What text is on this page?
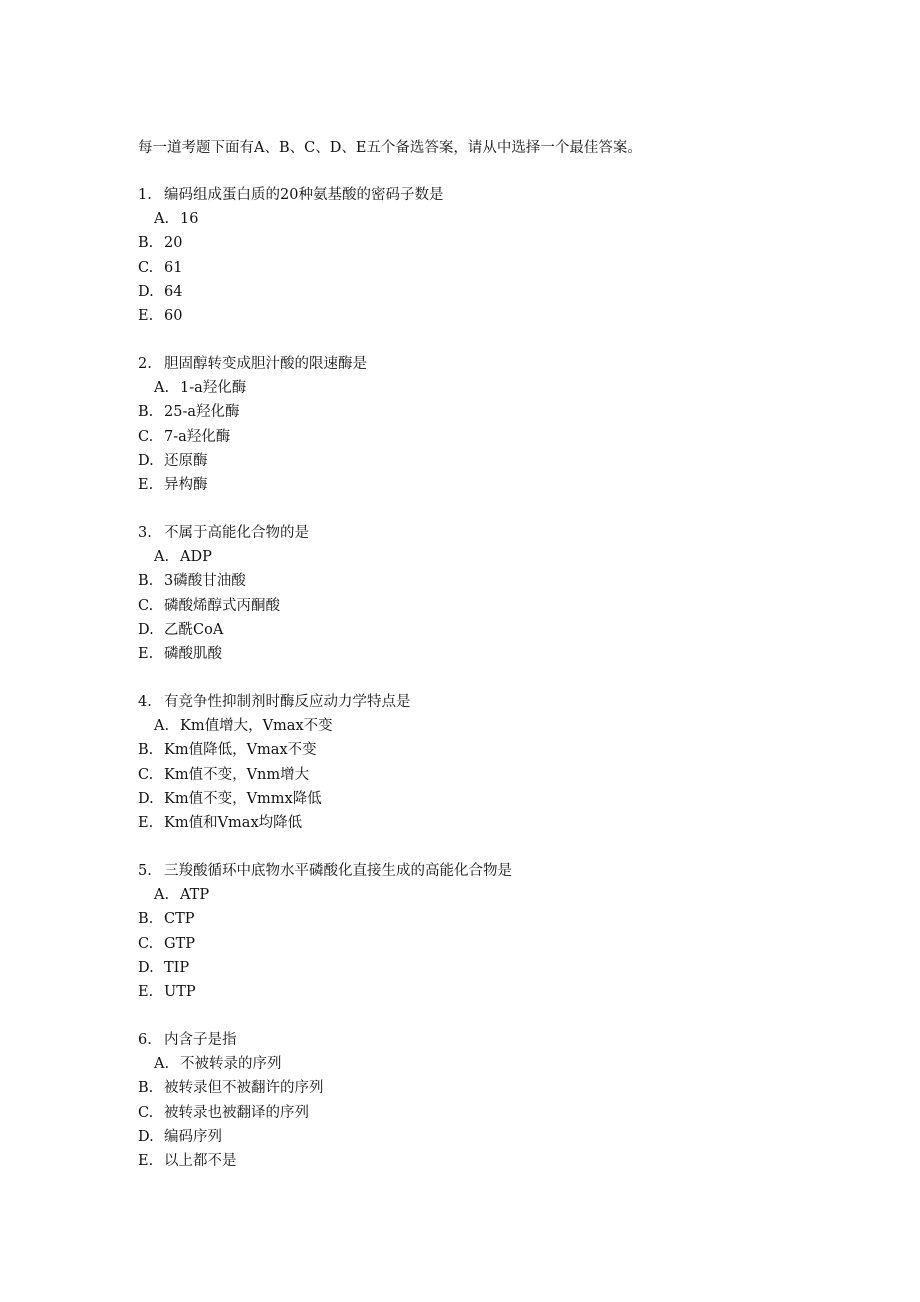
每一道考题下面有A、B、C、D、E五个备选答案，请从中选择一个最佳答案。
1. 编码组成蛋白质的20种氨基酸的密码子数是
A. 16
B. 20
C. 61
D. 64
E. 60
2. 胆固醇转变成胆汁酸的限速酶是
A. 1-a羟化酶
B. 25-a羟化酶
C. 7-a羟化酶
D. 还原酶
E. 异构酶
3. 不属于高能化合物的是
A. ADP
B. 3磷酸甘油酸
C. 磷酸烯醇式丙酮酸
D. 乙酰CoA
E. 磷酸肌酸
4. 有竞争性抑制剂时酶反应动力学特点是
A. Km值增大，Vmax不变
B. Km值降低，Vmax不变
C. Km值不变，Vnm增大
D. Km值不变，Vmmx降低
E. Km值和Vmax均降低
5. 三羧酸循环中底物水平磷酸化直接生成的高能化合物是
A. ATP
B. CTP
C. GTP
D. TIP
E. UTP
6. 内含子是指
A. 不被转录的序列
B. 被转录但不被翻许的序列
C. 被转录也被翻译的序列
D. 编码序列
E. 以上都不是
